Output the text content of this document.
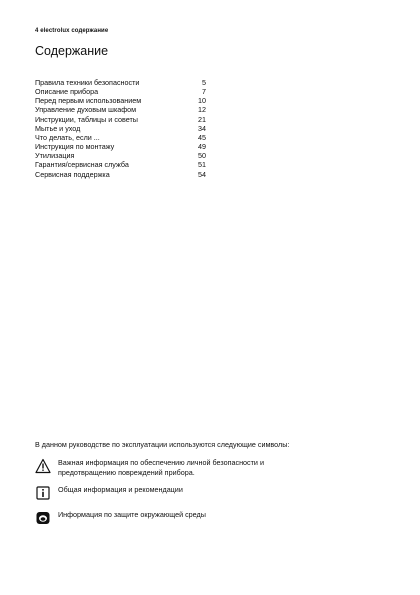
4 electrolux содержание
Содержание
Правила техники безопасности	5
Описание прибора	7
Перед первым использованием	10
Управление духовым шкафом	12
Инструкции, таблицы и советы	21
Мытье и уход	34
Что делать, если ...	45
Инструкция по монтажу	49
Утилизация	50
Гарантия/сервисная служба	51
Сервисная поддержка	54
В данном руководстве по эксплуатации используются следующие символы:
Важная информация по обеспечению личной безопасности и
предотвращению повреждений прибора.
Общая информация и рекомендации
Информация по защите окружающей среды
